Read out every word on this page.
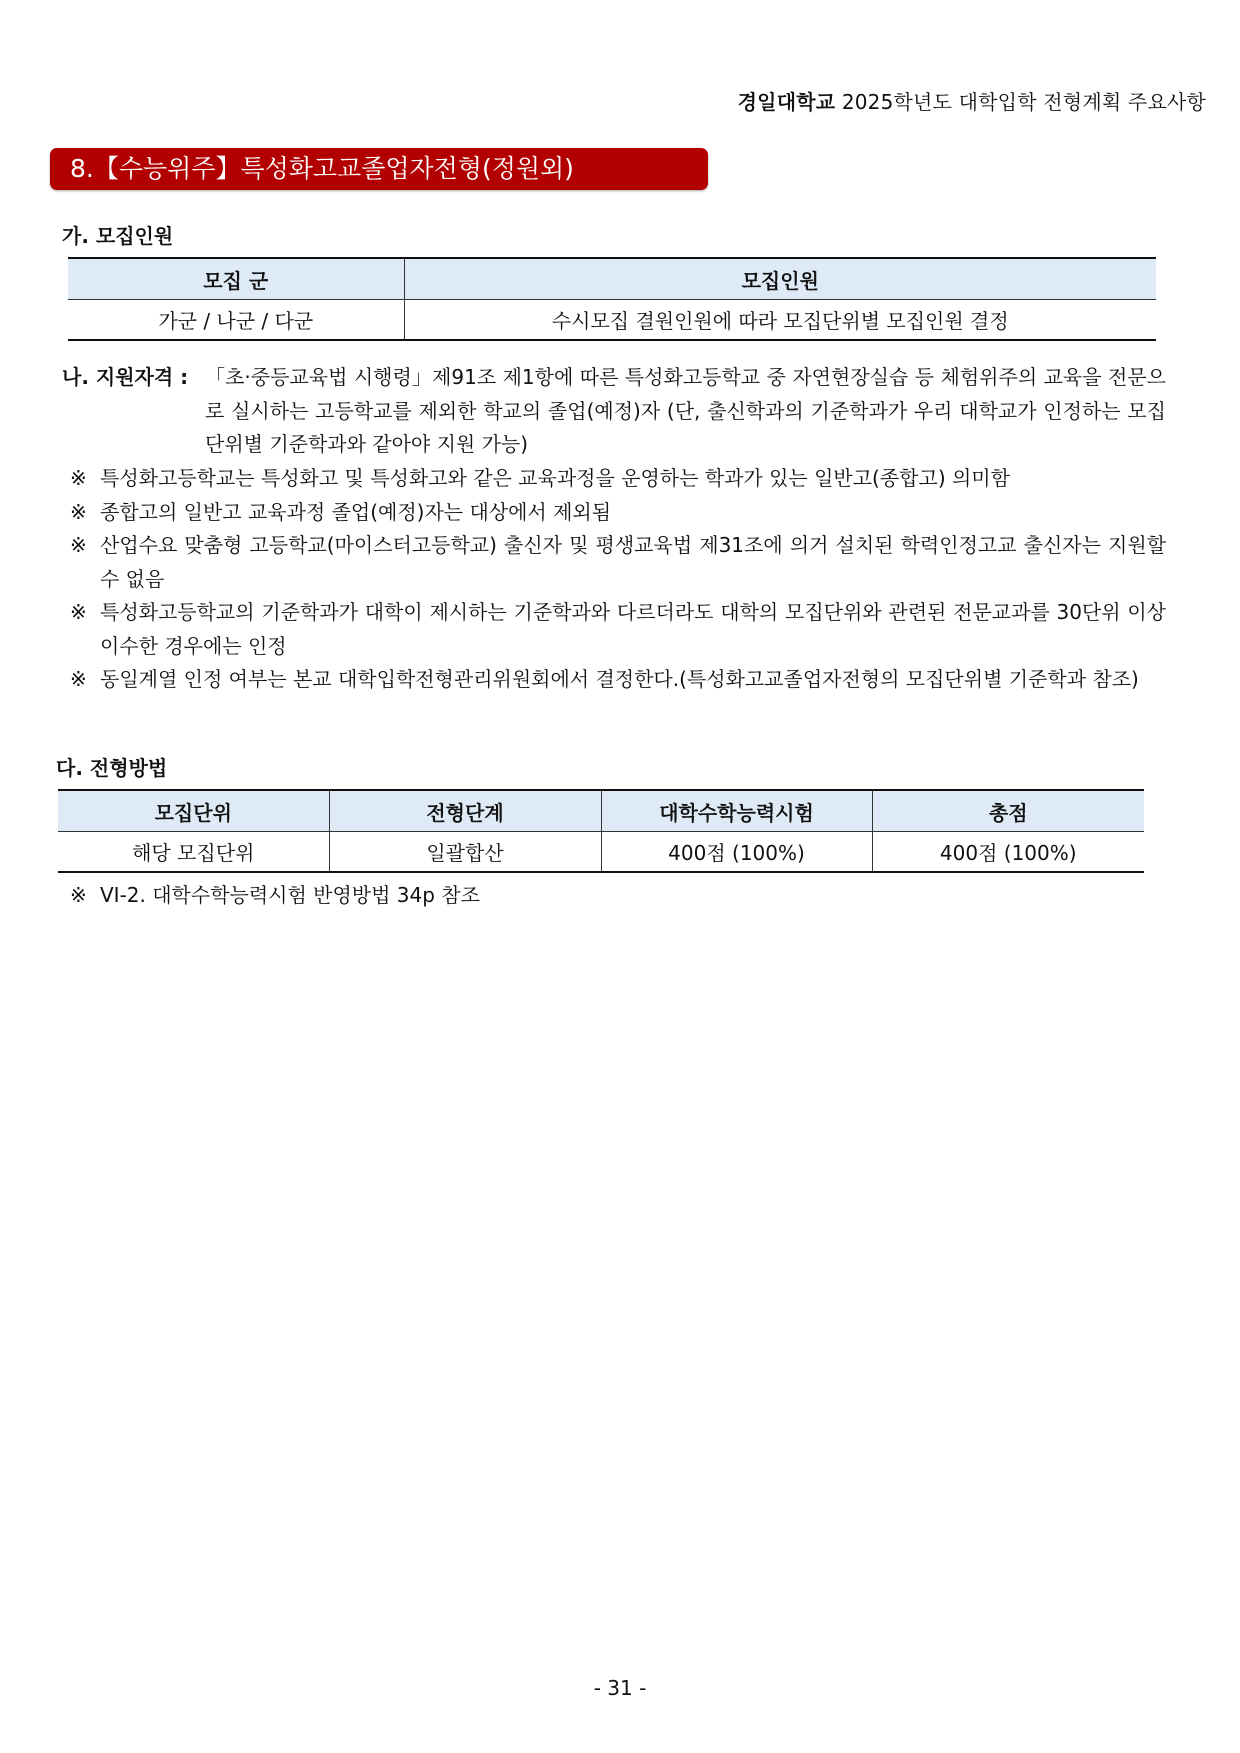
경일대학교 2025학년도 대학입학 전형계획 주요사항
8.【수능위주】특성화고교졸업자전형(정원외)
가. 모집인원
모집 군	모집인원
가군 / 나군 / 다군	수시모집 결원인원에 따라 모집단위별 모집인원 결정
나. 지원자격 : 「초·중등교육법 시행령」제91조 제1항에 따른 특성화고등학교 중 자연현장실습 등 체험위주의 교육을 전문으로 실시하는 고등학교를 제외한 학교의 졸업(예정)자 (단, 출신학과의 기준학과가 우리 대학교가 인정하는 모집단위별 기준학과와 같아야 지원 가능)
※ 특성화고등학교는 특성화고 및 특성화고와 같은 교육과정을 운영하는 학과가 있는 일반고(종합고) 의미함
※ 종합고의 일반고 교육과정 졸업(예정)자는 대상에서 제외됨
※ 산업수요 맞춤형 고등학교(마이스터고등학교) 출신자 및 평생교육법 제31조에 의거 설치된 학력인정고교 출신자는 지원할 수 없음
※ 특성화고등학교의 기준학과가 대학이 제시하는 기준학과와 다르더라도 대학의 모집단위와 관련된 전문교과를 30단위 이상 이수한 경우에는 인정
※ 동일계열 인정 여부는 본교 대학입학전형관리위원회에서 결정한다.(특성화고교졸업자전형의 모집단위별 기준학과 참조)
다. 전형방법
모집단위	전형단계	대학수학능력시험	총점
해당 모집단위	일괄합산	400점 (100%)	400점 (100%)
※ VI-2. 대학수학능력시험 반영방법 34p 참조
- 31 -
